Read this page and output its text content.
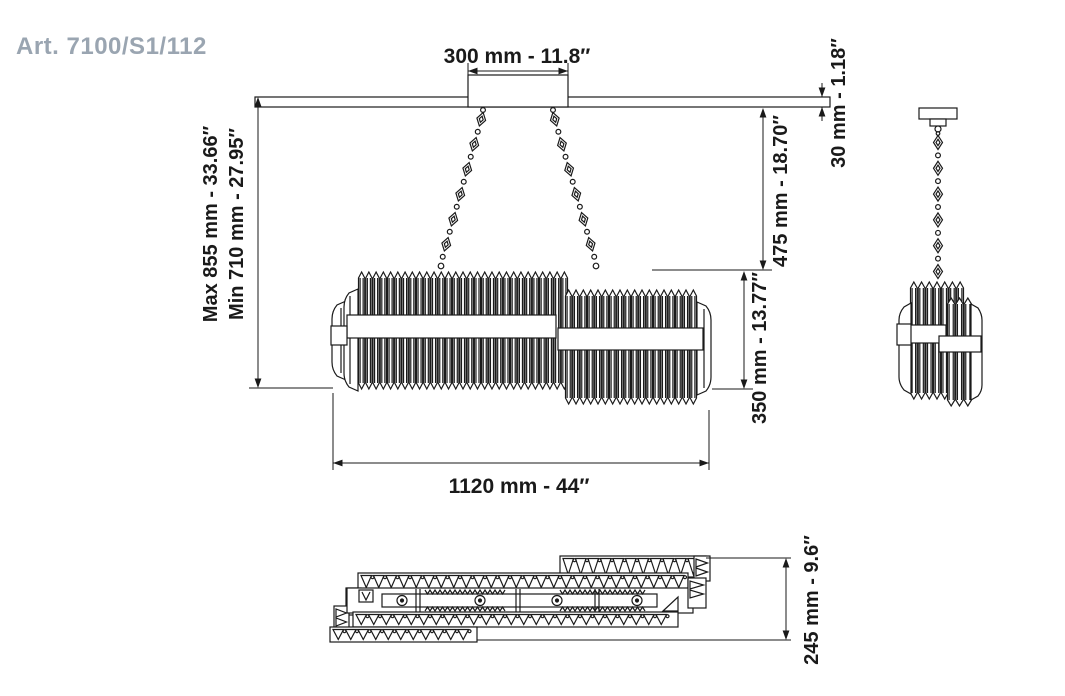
Art. 7100/S1/112	300 mm - 11.8″	30 mm - 1.18″
475 mm - 18.70″
350 mm - 13.77″
Max 855 mm - 33.66″ Min 710 mm - 27.95″
1120 mm - 44″
245 mm - 9.6″
